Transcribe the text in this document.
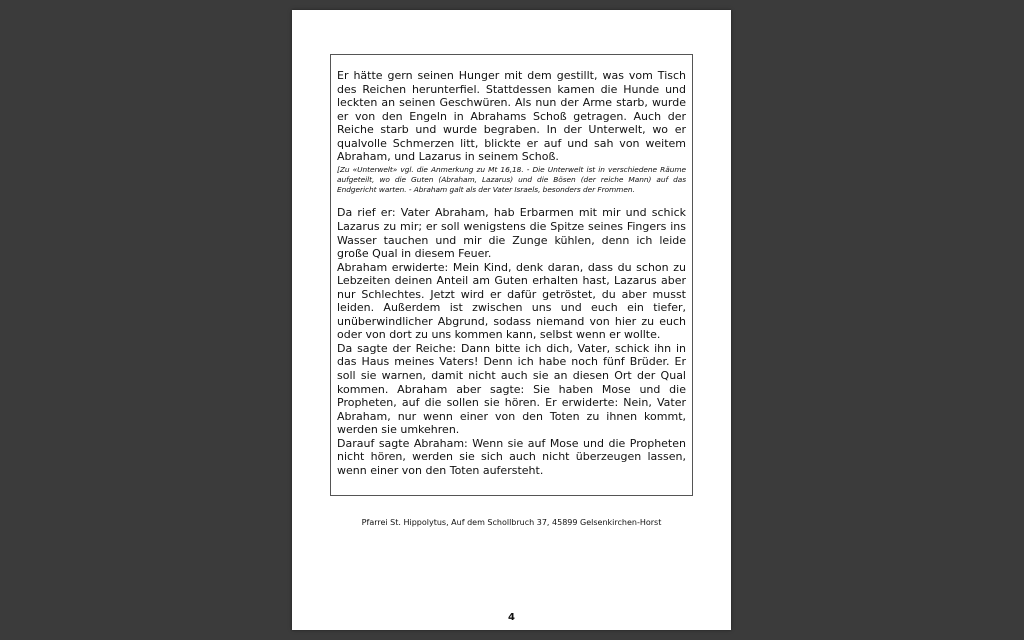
Er hätte gern seinen Hunger mit dem gestillt, was vom Tisch des Reichen herunterfiel. Stattdessen kamen die Hunde und leckten an seinen Geschwüren. Als nun der Arme starb, wurde er von den Engeln in Abrahams Schoß getragen. Auch der Reiche starb und wurde begraben. In der Unterwelt, wo er qualvolle Schmerzen litt, blickte er auf und sah von weitem Abraham, und Lazarus in seinem Schoß.

[Zu «Unterwelt» vgl. die Anmerkung zu Mt 16,18. - Die Unterwelt ist in verschiedene Räume aufgeteilt, wo die Guten (Abraham, Lazarus) und die Bösen (der reiche Mann) auf das Endgericht warten. - Abraham galt als der Vater Israels, besonders der Frommen.

Da rief er: Vater Abraham, hab Erbarmen mit mir und schick Lazarus zu mir; er soll wenigstens die Spitze seines Fingers ins Wasser tauchen und mir die Zunge kühlen, denn ich leide große Qual in diesem Feuer.

Abraham erwiderte: Mein Kind, denk daran, dass du schon zu Lebzeiten deinen Anteil am Guten erhalten hast, Lazarus aber nur Schlechtes. Jetzt wird er dafür getröstet, du aber musst leiden. Außerdem ist zwischen uns und euch ein tiefer, unüberwindlicher Abgrund, sodass niemand von hier zu euch oder von dort zu uns kommen kann, selbst wenn er wollte.

Da sagte der Reiche: Dann bitte ich dich, Vater, schick ihn in das Haus meines Vaters! Denn ich habe noch fünf Brüder. Er soll sie warnen, damit nicht auch sie an diesen Ort der Qual kommen. Abraham aber sagte: Sie haben Mose und die Propheten, auf die sollen sie hören. Er erwiderte: Nein, Vater Abraham, nur wenn einer von den Toten zu ihnen kommt, werden sie umkehren.

Darauf sagte Abraham: Wenn sie auf Mose und die Propheten nicht hören, werden sie sich auch nicht überzeugen lassen, wenn einer von den Toten aufersteht.

Pfarrei St. Hippolytus, Auf dem Schollbruch 37, 45899 Gelsenkirchen-Horst
4
